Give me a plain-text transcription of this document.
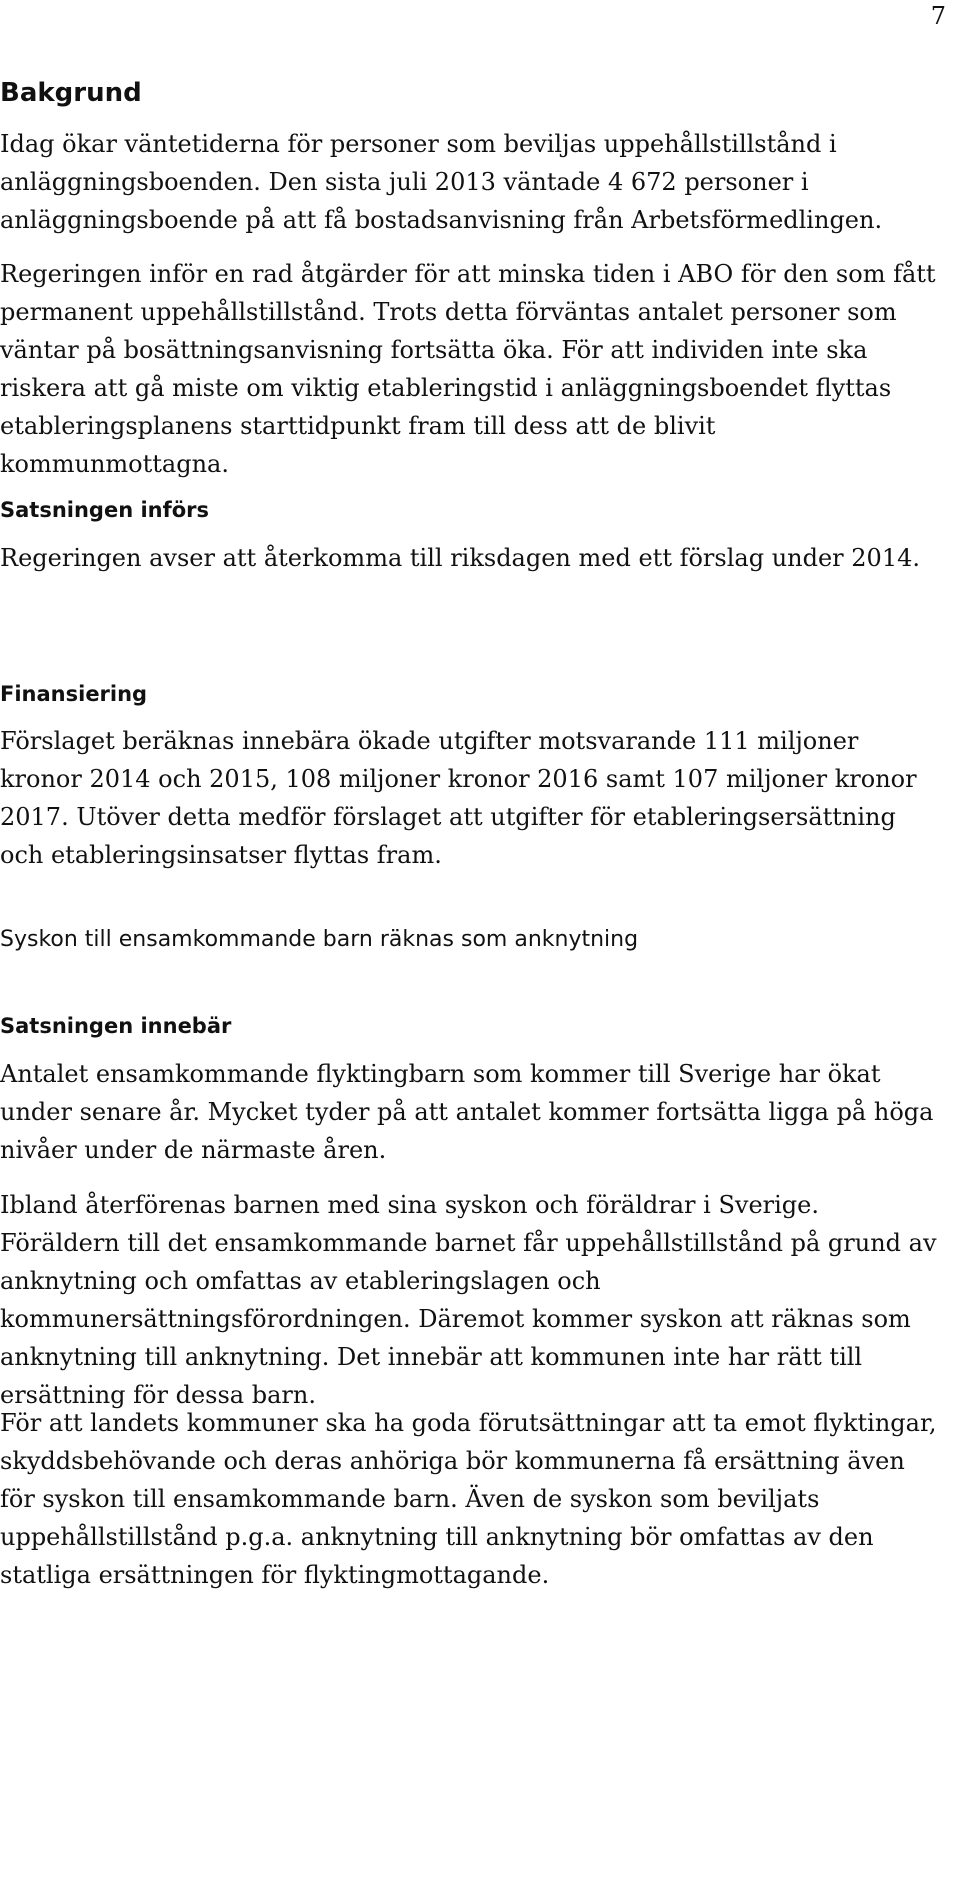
7
Bakgrund

Idag ökar väntetiderna för personer som beviljas uppehållstillstånd i anläggningsboenden. Den sista juli 2013 väntade 4 672 personer i anläggningsboende på att få bostadsanvisning från Arbetsförmedlingen.

Regeringen inför en rad åtgärder för att minska tiden i ABO för den som fått permanent uppehållstillstånd. Trots detta förväntas antalet personer som väntar på bosättningsanvisning fortsätta öka. För att individen inte ska riskera att gå miste om viktig etableringstid i anläggningsboendet flyttas etableringsplanens starttidpunkt fram till dess att de blivit kommunmottagna.

Satsningen införs

Regeringen avser att återkomma till riksdagen med ett förslag under 2014.

Finansiering

Förslaget beräknas innebära ökade utgifter motsvarande 111 miljoner kronor 2014 och 2015, 108 miljoner kronor 2016 samt 107 miljoner kronor 2017. Utöver detta medför förslaget att utgifter för etableringsersättning och etableringsinsatser flyttas fram.

Syskon till ensamkommande barn räknas som anknytning
Satsningen innebär

Antalet ensamkommande flyktingbarn som kommer till Sverige har ökat under senare år. Mycket tyder på att antalet kommer fortsätta ligga på höga nivåer under de närmaste åren.

Ibland återförenas barnen med sina syskon och föräldrar i Sverige. Föräldern till det ensamkommande barnet får uppehållstillstånd på grund av anknytning och omfattas av etableringslagen och kommunersättningsförordningen. Däremot kommer syskon att räknas som anknytning till anknytning. Det innebär att kommunen inte har rätt till ersättning för dessa barn.

För att landets kommuner ska ha goda förutsättningar att ta emot flyktingar, skyddsbehövande och deras anhöriga bör kommunerna få ersättning även för syskon till ensamkommande barn. Även de syskon som beviljats uppehållstillstånd p.g.a. anknytning till anknytning bör omfattas av den statliga ersättningen för flyktingmottagande.
